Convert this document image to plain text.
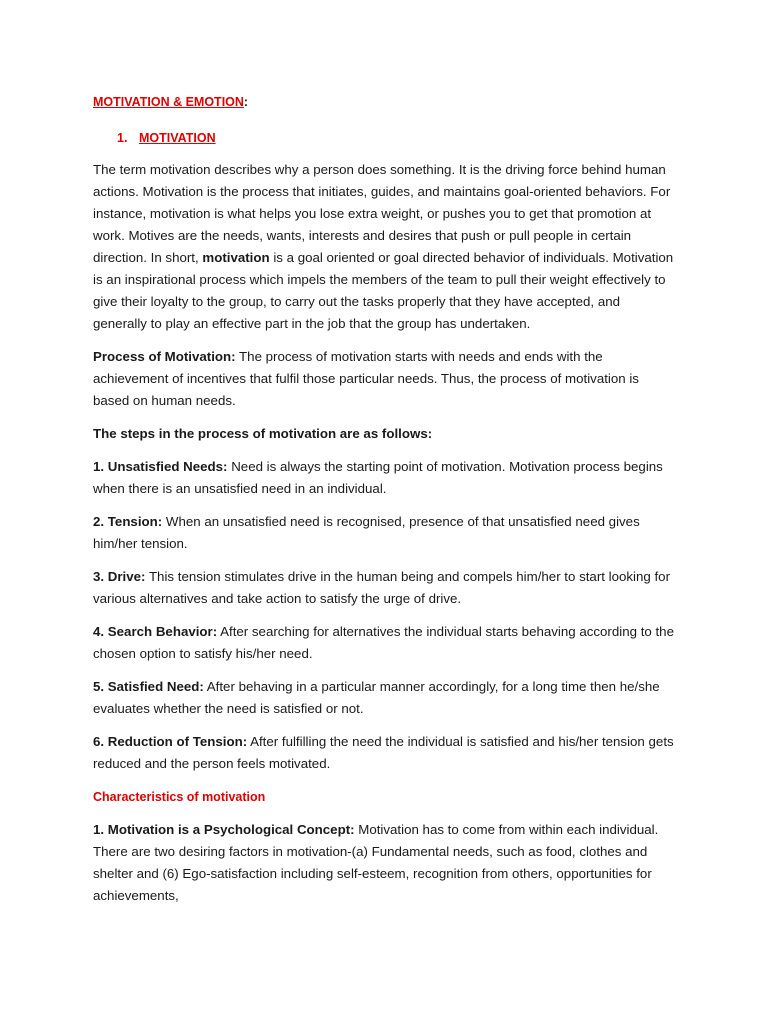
MOTIVATION & EMOTION:
1. MOTIVATION

The term motivation describes why a person does something. It is the driving force behind human actions. Motivation is the process that initiates, guides, and maintains goal-oriented behaviors. For instance, motivation is what helps you lose extra weight, or pushes you to get that promotion at work. Motives are the needs, wants, interests and desires that push or pull people in certain direction. In short, motivation is a goal oriented or goal directed behavior of individuals. Motivation is an inspirational process which impels the members of the team to pull their weight effectively to give their loyalty to the group, to carry out the tasks properly that they have accepted, and generally to play an effective part in the job that the group has undertaken.

Process of Motivation: The process of motivation starts with needs and ends with the achievement of incentives that fulfil those particular needs. Thus, the process of motivation is based on human needs.

The steps in the process of motivation are as follows:

1. Unsatisfied Needs: Need is always the starting point of motivation. Motivation process begins when there is an unsatisfied need in an individual.

2. Tension: When an unsatisfied need is recognised, presence of that unsatisfied need gives him/her tension.

3. Drive: This tension stimulates drive in the human being and compels him/her to start looking for various alternatives and take action to satisfy the urge of drive.

4. Search Behavior: After searching for alternatives the individual starts behaving according to the chosen option to satisfy his/her need.

5. Satisfied Need: After behaving in a particular manner accordingly, for a long time then he/she evaluates whether the need is satisfied or not.

6. Reduction of Tension: After fulfilling the need the individual is satisfied and his/her tension gets reduced and the person feels motivated.

Characteristics of motivation

1. Motivation is a Psychological Concept: Motivation has to come from within each individual. There are two desiring factors in motivation-(a) Fundamental needs, such as food, clothes and shelter and (6) Ego-satisfaction including self-esteem, recognition from others, opportunities for achievements,
